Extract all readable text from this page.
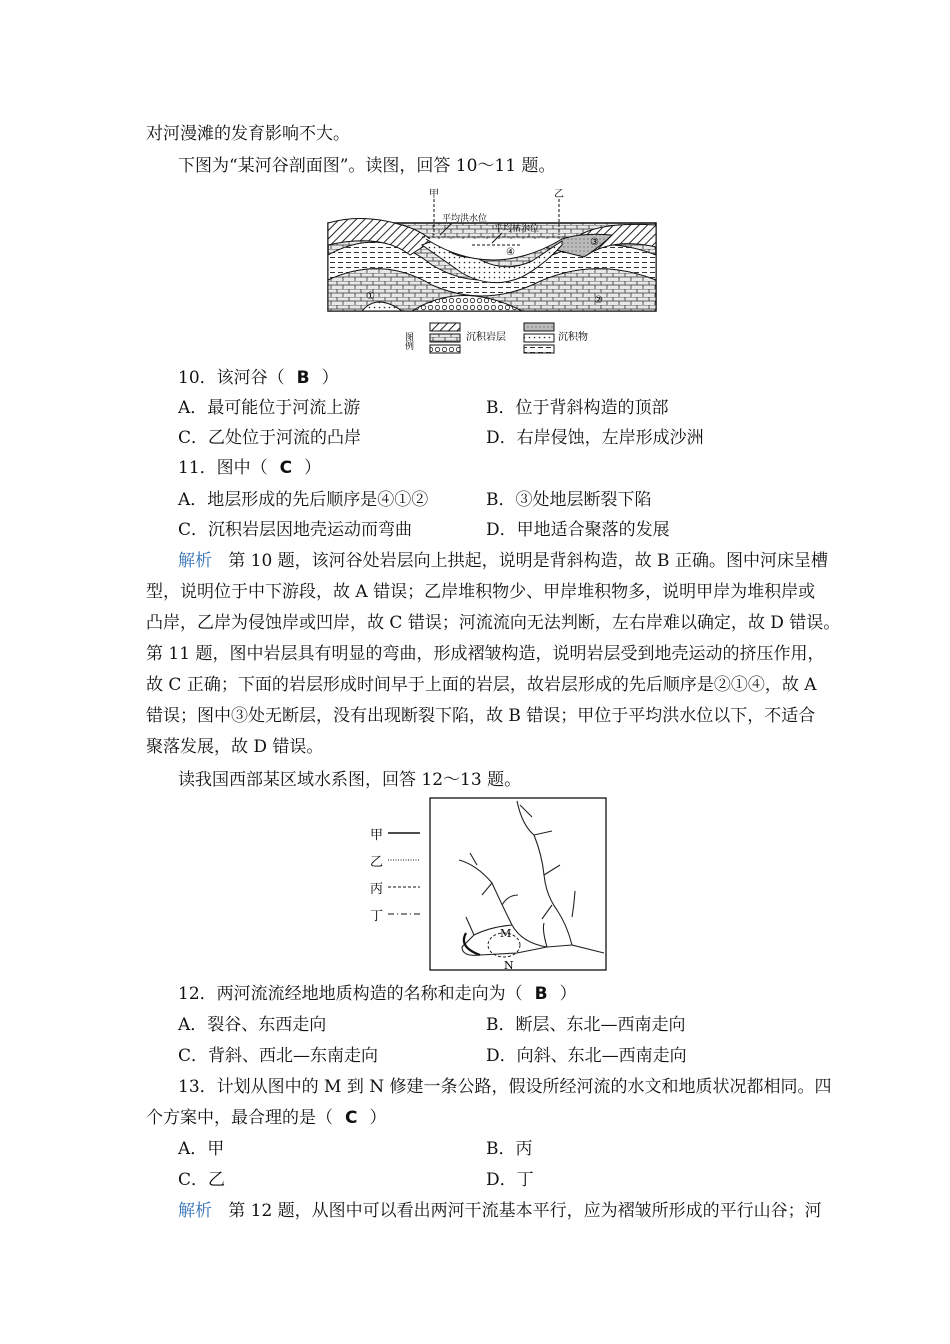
对河漫滩的发育影响不大。
下图为“某河谷剖面图”。读图，回答 10～11 题。
甲	乙
平均洪水位
平均枯水位
①	②
③
④
图例	沉积岩层	沉积物
10．该河谷（ B ）
A．最可能位于河流上游	B．位于背斜构造的顶部
C．乙处位于河流的凸岸	D．右岸侵蚀，左岸形成沙洲
11．图中（ C ）
A．地层形成的先后顺序是④①②	B．③处地层断裂下陷
C．沉积岩层因地壳运动而弯曲	D．甲地适合聚落的发展
解析 第 10 题，该河谷处岩层向上拱起，说明是背斜构造，故 B 正确。图中河床呈槽
型，说明位于中下游段，故 A 错误；乙岸堆积物少、甲岸堆积物多，说明甲岸为堆积岸或
凸岸，乙岸为侵蚀岸或凹岸，故 C 错误；河流流向无法判断，左右岸难以确定，故 D 错误。
第 11 题，图中岩层具有明显的弯曲，形成褶皱构造，说明岩层受到地壳运动的挤压作用，
故 C 正确；下面的岩层形成时间早于上面的岩层，故岩层形成的先后顺序是②①④，故 A
错误；图中③处无断层，没有出现断裂下陷，故 B 错误；甲位于平均洪水位以下，不适合
聚落发展，故 D 错误。
读我国西部某区域水系图，回答 12～13 题。
甲
乙
丙
丁
M
N
12．两河流流经地地质构造的名称和走向为（ B ）
A．裂谷、东西走向	B．断层、东北—西南走向
C．背斜、西北—东南走向	D．向斜、东北—西南走向
13．计划从图中的 M 到 N 修建一条公路，假设所经河流的水文和地质状况都相同。四
个方案中，最合理的是（ C ）
A．甲	B．丙
C．乙	D．丁
解析 第 12 题，从图中可以看出两河干流基本平行，应为褶皱所形成的平行山谷；河
